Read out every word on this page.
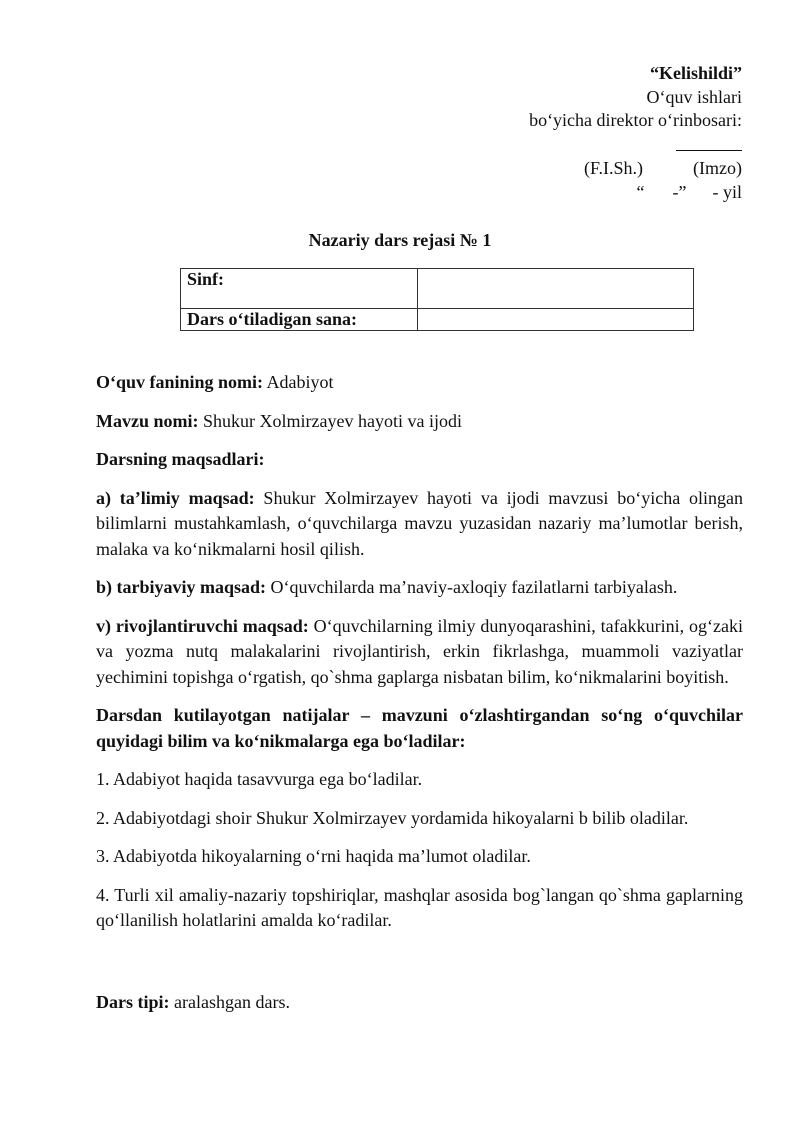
“Kelishildi”
O‘quv ishlari
bo‘yicha direktor o‘rinbosari:
(F.I.Sh.)	(Imzo)
“ -” - yil
Nazariy dars rejasi № 1
Sinf:	
Dars o‘tiladigan sana:	

O‘quv fanining nomi: Adabiyot

Mavzu nomi: Shukur Xolmirzayev hayoti va ijodi

Darsning maqsadlari:

a) ta’limiy maqsad: Shukur Xolmirzayev hayoti va ijodi mavzusi bo‘yicha olingan bilimlarni mustahkamlash, o‘quvchilarga mavzu yuzasidan nazariy ma’lumotlar berish, malaka va ko‘nikmalarni hosil qilish.

b) tarbiyaviy maqsad: O‘quvchilarda ma’naviy-axloqiy fazilatlarni tarbiyalash.

v) rivojlantiruvchi maqsad: O‘quvchilarning ilmiy dunyoqarashini, tafakkurini, og‘zaki va yozma nutq malakalarini rivojlantirish, erkin fikrlashga, muammoli vaziyatlar yechimini topishga o‘rgatish, qo`shma gaplarga nisbatan bilim, ko‘nikmalarini boyitish.

Darsdan kutilayotgan natijalar – mavzuni o‘zlashtirgandan so‘ng o‘quvchilar quyidagi bilim va ko‘nikmalarga ega bo‘ladilar:

1. Adabiyot haqida tasavvurga ega bo‘ladilar.

2. Adabiyotdagi shoir Shukur Xolmirzayev yordamida hikoyalarni b bilib oladilar.

3. Adabiyotda hikoyalarning o‘rni haqida ma’lumot oladilar.

4. Turli xil amaliy-nazariy topshiriqlar, mashqlar asosida bog`langan qo`shma gaplarning qo‘llanilish holatlarini amalda ko‘radilar.

Dars tipi: aralashgan dars.
